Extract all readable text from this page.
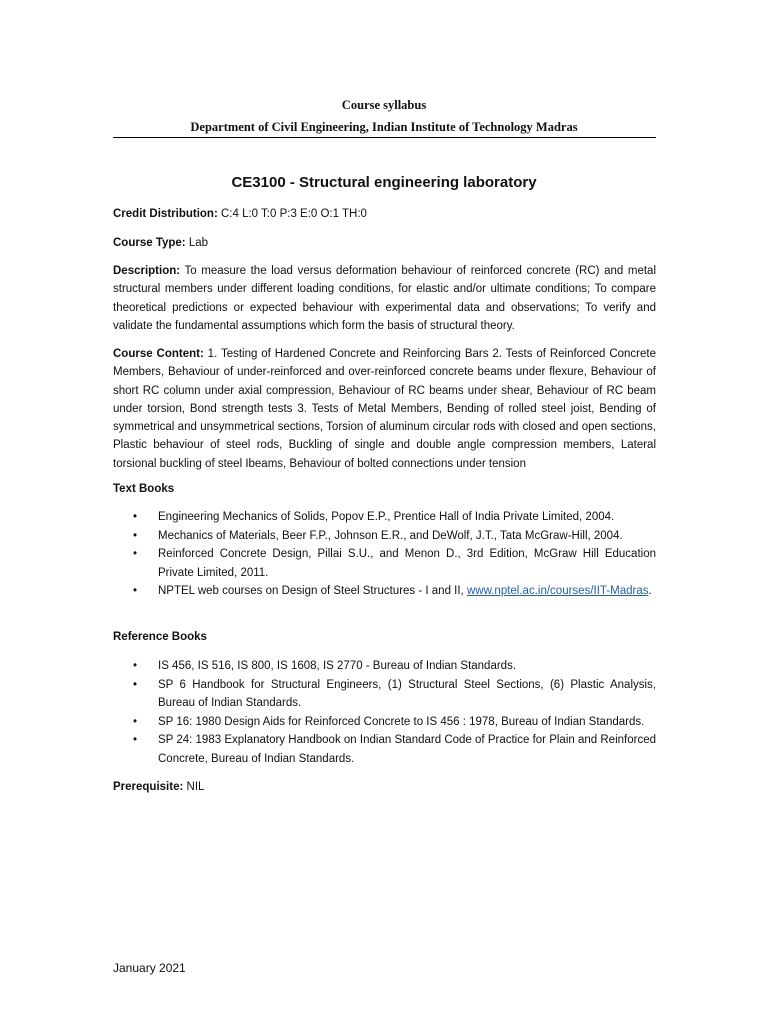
Course syllabus
Department of Civil Engineering, Indian Institute of Technology Madras
CE3100 - Structural engineering laboratory
Credit Distribution: C:4 L:0 T:0 P:3 E:0 O:1 TH:0
Course Type: Lab
Description: To measure the load versus deformation behaviour of reinforced concrete (RC) and metal structural members under different loading conditions, for elastic and/or ultimate conditions; To compare theoretical predictions or expected behaviour with experimental data and observations; To verify and validate the fundamental assumptions which form the basis of structural theory.
Course Content: 1. Testing of Hardened Concrete and Reinforcing Bars 2. Tests of Reinforced Concrete Members, Behaviour of under-reinforced and over-reinforced concrete beams under flexure, Behaviour of short RC column under axial compression, Behaviour of RC beams under shear, Behaviour of RC beam under torsion, Bond strength tests 3. Tests of Metal Members, Bending of rolled steel joist, Bending of symmetrical and unsymmetrical sections, Torsion of aluminum circular rods with closed and open sections, Plastic behaviour of steel rods, Buckling of single and double angle compression members, Lateral torsional buckling of steel Ibeams, Behaviour of bolted connections under tension
Text Books
• Engineering Mechanics of Solids, Popov E.P., Prentice Hall of India Private Limited, 2004.
• Mechanics of Materials, Beer F.P., Johnson E.R., and DeWolf, J.T., Tata McGraw-Hill, 2004.
• Reinforced Concrete Design, Pillai S.U., and Menon D., 3rd Edition, McGraw Hill Education Private Limited, 2011.
• NPTEL web courses on Design of Steel Structures - I and II, www.nptel.ac.in/courses/IIT-Madras.
Reference Books
• IS 456, IS 516, IS 800, IS 1608, IS 2770 - Bureau of Indian Standards.
• SP 6 Handbook for Structural Engineers, (1) Structural Steel Sections, (6) Plastic Analysis, Bureau of Indian Standards.
• SP 16: 1980 Design Aids for Reinforced Concrete to IS 456 : 1978, Bureau of Indian Standards.
• SP 24: 1983 Explanatory Handbook on Indian Standard Code of Practice for Plain and Reinforced Concrete, Bureau of Indian Standards.
Prerequisite: NIL
January 2021
